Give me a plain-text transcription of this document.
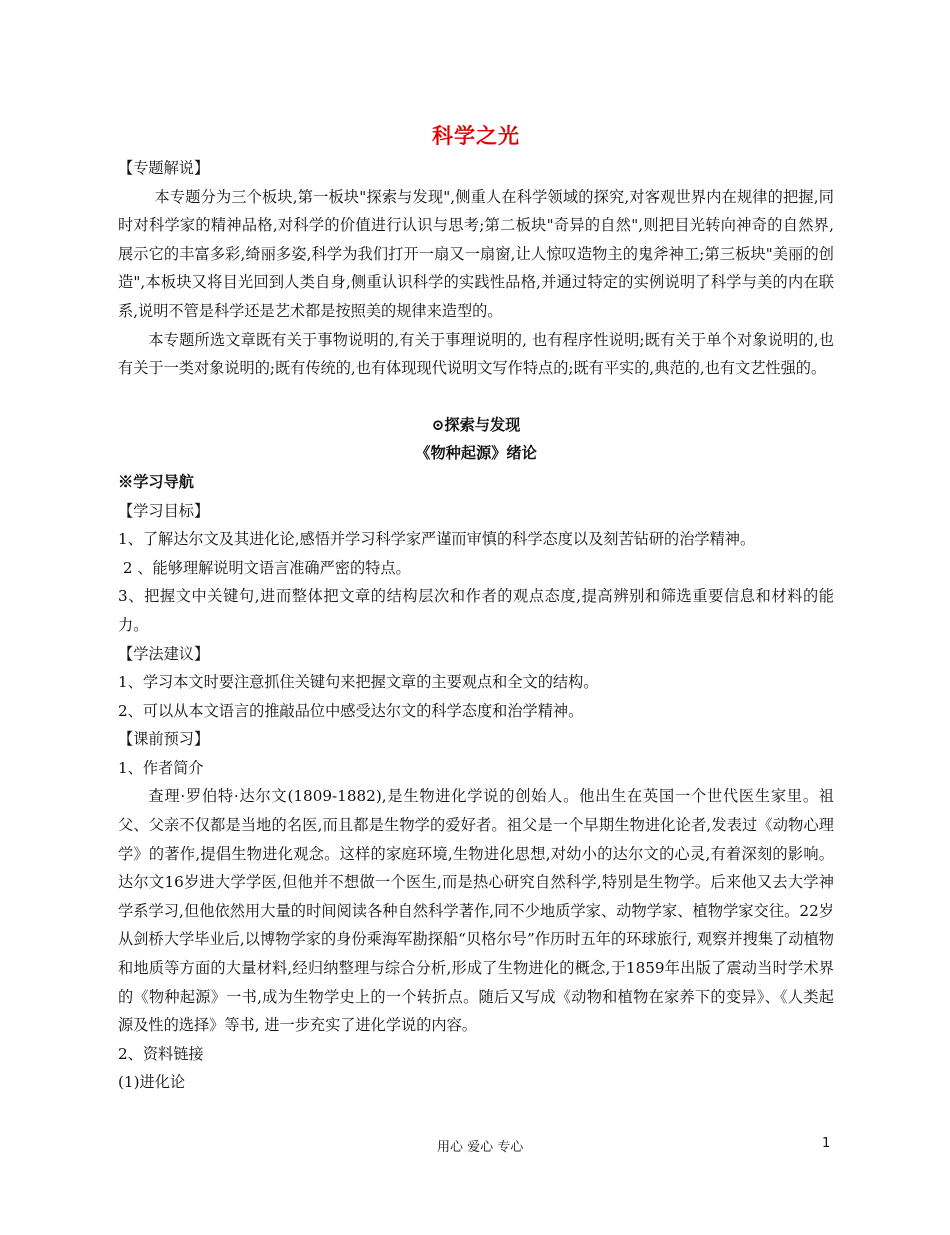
科学之光

【专题解说】

本专题分为三个板块,第一板块"探索与发现",侧重人在科学领域的探究,对客观世界内在规律的把握,同时对科学家的精神品格,对科学的价值进行认识与思考;第二板块"奇异的自然",则把目光转向神奇的自然界,展示它的丰富多彩,绮丽多姿,科学为我们打开一扇又一扇窗,让人惊叹造物主的鬼斧神工;第三板块"美丽的创造",本板块又将目光回到人类自身,侧重认识科学的实践性品格,并通过特定的实例说明了科学与美的内在联系,说明不管是科学还是艺术都是按照美的规律来造型的。

本专题所选文章既有关于事物说明的,有关于事理说明的, 也有程序性说明;既有关于单个对象说明的,也有关于一类对象说明的;既有传统的,也有体现现代说明文写作特点的;既有平实的,典范的,也有文艺性强的。

⊙探索与发现

《物种起源》绪论

※学习导航

【学习目标】

1、了解达尔文及其进化论,感悟并学习科学家严谨而审慎的科学态度以及刻苦钻研的治学精神。

2 、能够理解说明文语言准确严密的特点。

3、把握文中关键句,进而整体把文章的结构层次和作者的观点态度,提高辨别和筛选重要信息和材料的能力。

【学法建议】

1、学习本文时要注意抓住关键句来把握文章的主要观点和全文的结构。

2、可以从本文语言的推敲品位中感受达尔文的科学态度和治学精神。

【课前预习】

1、作者简介

查理·罗伯特·达尔文(1809-1882),是生物进化学说的创始人。他出生在英国一个世代医生家里。祖父、父亲不仅都是当地的名医,而且都是生物学的爱好者。祖父是一个早期生物进化论者,发表过《动物心理学》的著作,提倡生物进化观念。这样的家庭环境,生物进化思想,对幼小的达尔文的心灵,有着深刻的影响。达尔文16岁进大学学医,但他并不想做一个医生,而是热心研究自然科学,特别是生物学。后来他又去大学神学系学习,但他依然用大量的时间阅读各种自然科学著作,同不少地质学家、动物学家、植物学家交往。22岁从剑桥大学毕业后,以博物学家的身份乘海军勘探船“贝格尔号”作历时五年的环球旅行, 观察并搜集了动植物和地质等方面的大量材料,经归纳整理与综合分析,形成了生物进化的概念,于1859年出版了震动当时学术界的《物种起源》一书,成为生物学史上的一个转折点。随后又写成《动物和植物在家养下的变异》、《人类起源及性的选择》等书, 进一步充实了进化学说的内容。

2、资料链接

(1)进化论

用心 爱心 专心	1
